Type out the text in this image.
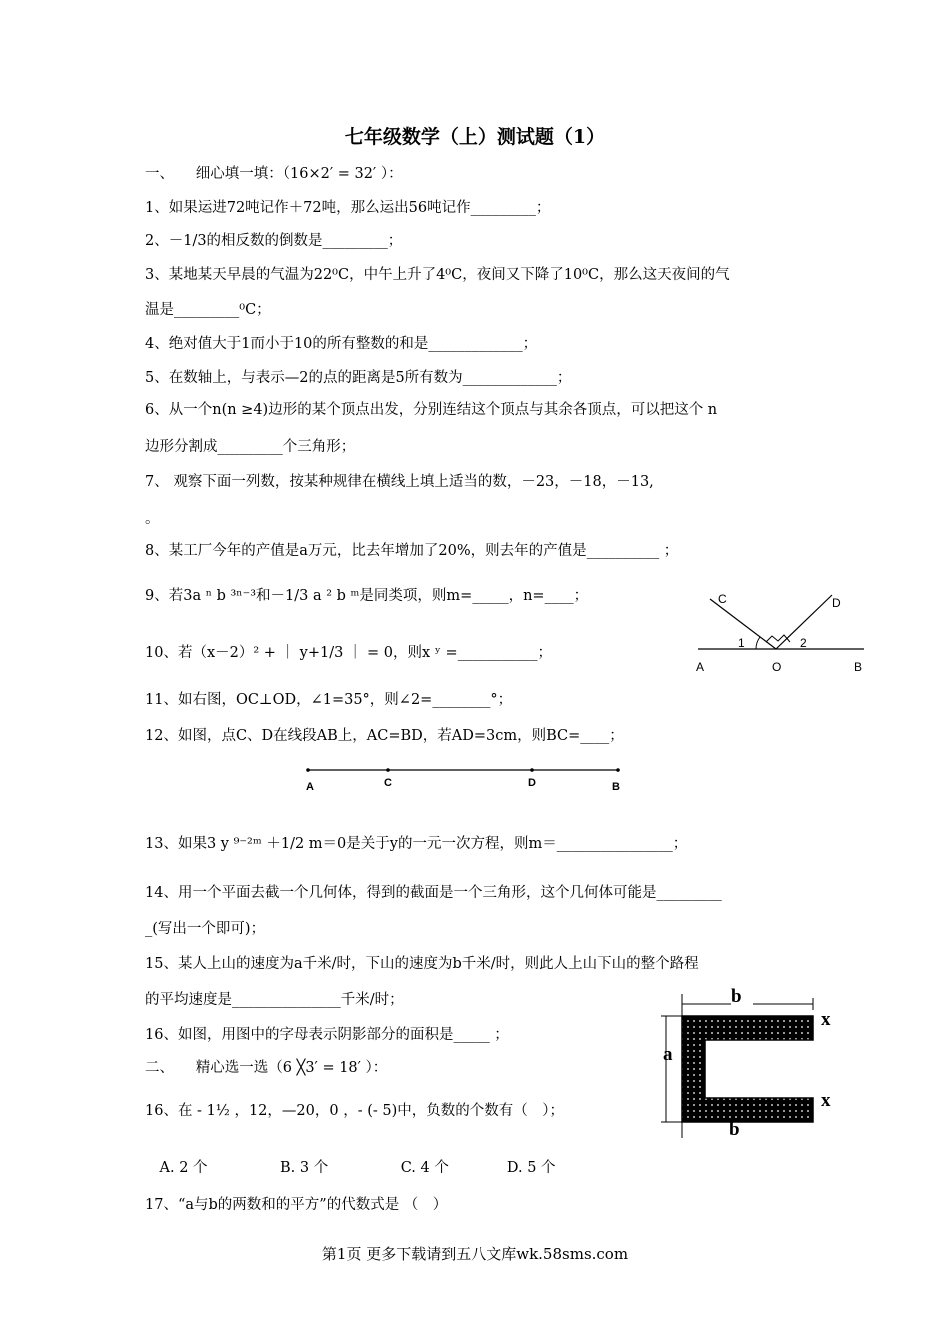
七年级数学（上）测试题（1）
一、　　细心填一填：（16×2′ = 32′ ）：
1、如果运进72吨记作＋72吨，那么运出56吨记作_________；
2、－1/3的相反数的倒数是_________；
3、某地某天早晨的气温为22⁰C，中午上升了4⁰C，夜间又下降了10⁰C，那么这天夜间的气
温是_________⁰C；
4、绝对值大于1而小于10的所有整数的和是_____________；
5、在数轴上，与表示—2的点的距离是5所有数为_____________；
6、从一个n(n ≥4)边形的某个顶点出发，分别连结这个顶点与其余各顶点，可以把这个 n
边形分割成_________个三角形；
7、 观察下面一列数，按某种规律在横线上填上适当的数，－23，－18，－13,
。
8、某工厂今年的产值是a万元，比去年增加了20%，则去年的产值是__________ ；
9、若3a ⁿ b ³ⁿ⁻³和－1/3 a ² b ᵐ是同类项，则m=_____，n=____；
10、若（x－2）² + ｜ y+1/3 ｜ = 0，则x ʸ =___________；
11、如右图，OC⊥OD，∠1=35°，则∠2=________°；
12、如图，点C、D在线段AB上，AC=BD，若AD=3cm，则BC=____；
13、如果3 y ⁹⁻²ᵐ ＋1/2 m＝0是关于y的一元一次方程，则m＝________________；
14、用一个平面去截一个几何体，得到的截面是一个三角形，这个几何体可能是_________
_(写出一个即可)；
15、某人上山的速度为a千米/时，下山的速度为b千米/时，则此人上山下山的整个路程
的平均速度是_______________千米/时；
16、如图，用图中的字母表示阴影部分的面积是_____ ；
二、　　精心选一选（6 ╳3′ = 18′ ）：
16、在 - 1½ ，12，—20，0 ，- (- 5)中，负数的个数有（　）；
　A. 2 个　　　　　B. 3 个　　　　　C. 4 个　　　　D. 5 个
17、“a与b的两数和的平方”的代数式是 （　）
C	D
1	2
A	O	B
A	C	D	B
b
x
a
x
b
第1页 更多下载请到五八文库wk.58sms.com
